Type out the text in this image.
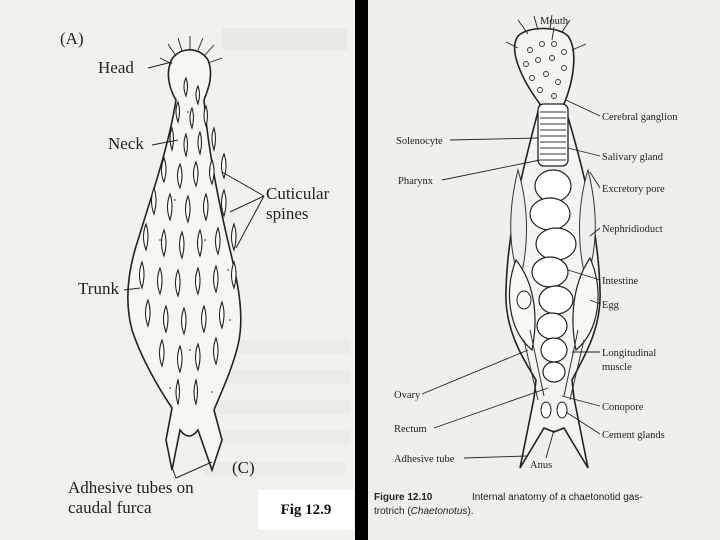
(A)
Head
Neck
Cuticular
spines
Trunk
(C)
Adhesive tubes on
caudal furca	Fig 12.9
Mouth
Cerebral ganglion
Solenocyte
Salivary gland
Pharynx
Excretory pore
Nephridioduct
Intestine
Egg
Longitudinal
muscle
Ovary
Conopore
Rectum
Cement glands
Adhesive tube
Anus
Figure 12.10	Internal anatomy of a chaetonotid gas-
trotrich (Chaetonotus).
